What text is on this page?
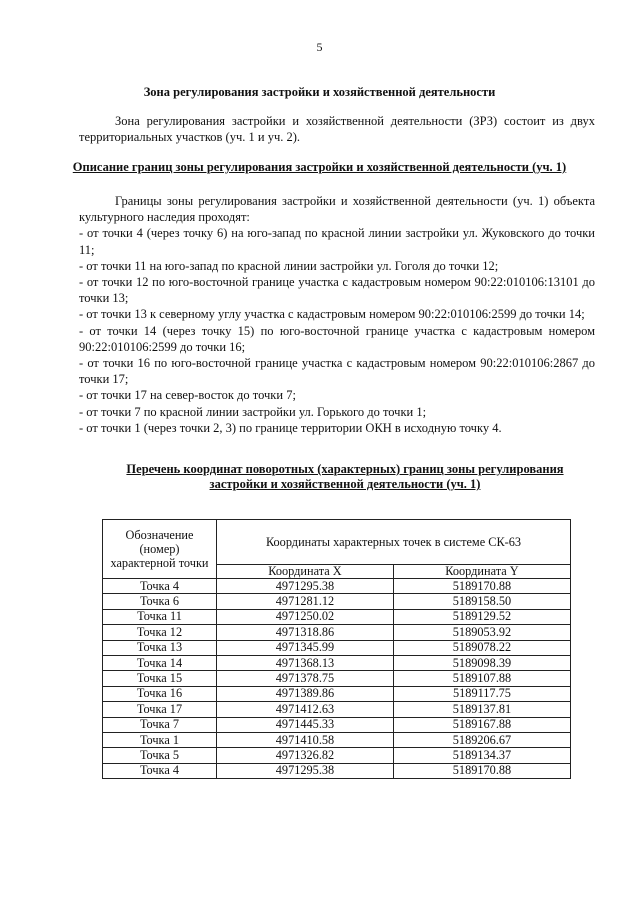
5
Зона регулирования застройки и хозяйственной деятельности
Зона регулирования застройки и хозяйственной деятельности (ЗРЗ) состоит из двух территориальных участков (уч. 1 и уч. 2).
Описание границ зоны регулирования застройки и хозяйственной деятельности (уч. 1)
Границы зоны регулирования застройки и хозяйственной деятельности (уч. 1) объекта культурного наследия проходят:
- от точки 4 (через точку 6) на юго-запад по красной линии застройки ул. Жуковского до точки 11;
- от точки 11 на юго-запад по красной линии застройки ул. Гоголя до точки 12;
- от точки 12 по юго-восточной границе участка с кадастровым номером 90:22:010106:13101 до точки 13;
- от точки 13 к северному углу участка с кадастровым номером 90:22:010106:2599 до точки 14;
- от точки 14 (через точку 15) по юго-восточной границе участка с кадастровым номером 90:22:010106:2599 до точки 16;
- от точки 16 по юго-восточной границе участка с кадастровым номером 90:22:010106:2867 до точки 17;
- от точки 17 на север-восток до точки 7;
- от точки 7 по красной линии застройки ул. Горького до точки 1;
- от точки 1 (через точки 2, 3) по границе территории ОКН в исходную точку 4.
Перечень координат поворотных (характерных) границ зоны регулирования
застройки и хозяйственной деятельности (уч. 1)
Обозначение
(номер)
характерной точки	Координаты характерных точек в системе СК-63	
	Координата X	Координата Y
Точка 4	4971295.38	5189170.88
Точка 6	4971281.12	5189158.50
Точка 11	4971250.02	5189129.52
Точка 12	4971318.86	5189053.92
Точка 13	4971345.99	5189078.22
Точка 14	4971368.13	5189098.39
Точка 15	4971378.75	5189107.88
Точка 16	4971389.86	5189117.75
Точка 17	4971412.63	5189137.81
Точка 7	4971445.33	5189167.88
Точка 1	4971410.58	5189206.67
Точка 5	4971326.82	5189134.37
Точка 4	4971295.38	5189170.88
